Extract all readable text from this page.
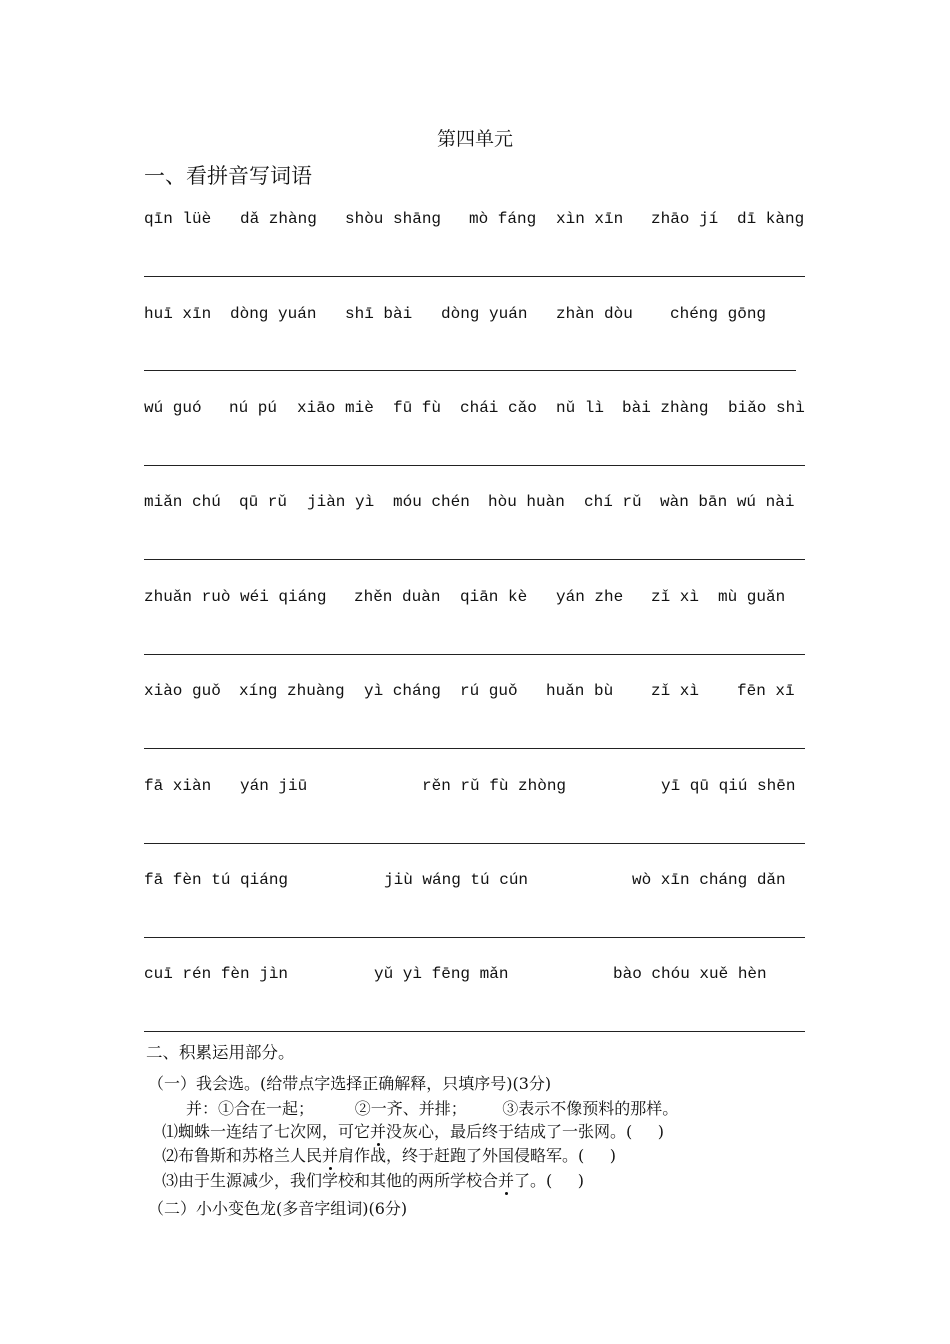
第四单元
一、看拼音写词语
qīn lüè dǎ zhàng shòu shāng mò fáng xìn xīn zhāo jí dī kàng
huī xīn dòng yuán shī bài dòng yuán zhàn dòu chéng gōng
wú guó nú pú xiāo miè fū fù chái cǎo nǔ lì bài zhàng biǎo shì
miǎn chú qū rǔ jiàn yì móu chén hòu huàn chí rǔ wàn bān wú nài
zhuǎn ruò wéi qiáng zhěn duàn qiān kè yán zhe zǐ xì mù guǎn
xiào guǒ xíng zhuàng yì cháng rú guǒ huǎn bù zǐ xì fēn xī
fā xiàn yán jiū	rěn rǔ fù zhòng	yī qū qiú shēn
fā fèn tú qiáng	jiù wáng tú cún	wò xīn cháng dǎn
cuī rén fèn jìn	yǔ yì fēng mǎn	bào chóu xuě hèn
二、积累运用部分。
（一）我会选。(给带点字选择正确解释，只填序号)(3分)
并：①合在一起；        ②一齐、并排；       ③表示不像预料的那样。
⑴蜘蛛一连结了七次网，可它并没灰心，最后终于结成了一张网。(     )
⑵布鲁斯和苏格兰人民并肩作战，终于赶跑了外国侵略军。(     )
⑶由于生源减少，我们学校和其他的两所学校合并了。(     )
（二）小小变色龙(多音字组词)(6分)
